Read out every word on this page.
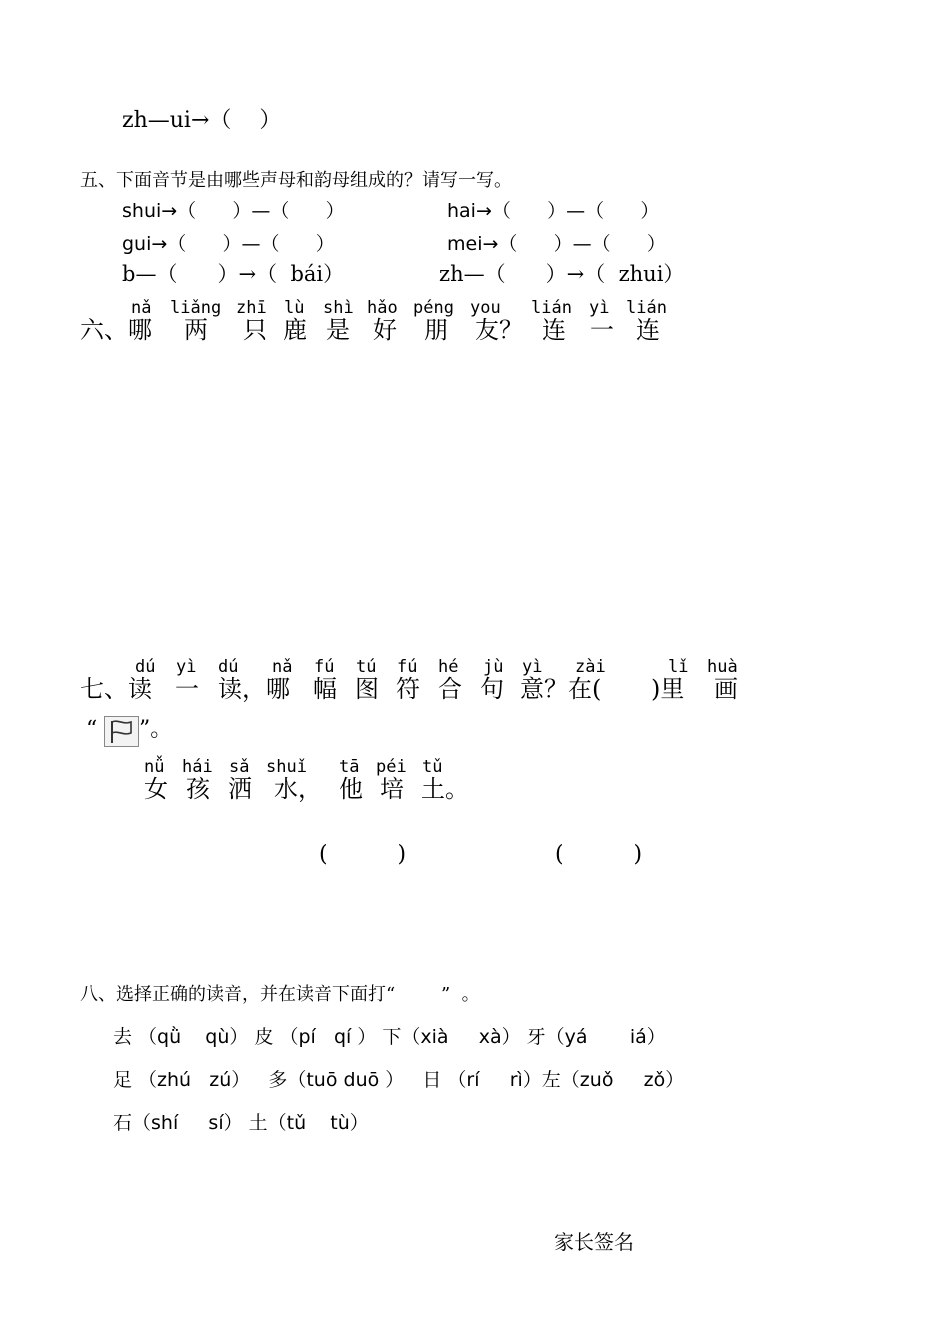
zh—ui→（    ）
五、下面音节是由哪些声母和韵母组成的？请写一写。
shui→（      ）—（      ）	hai→（      ）—（      ）
gui→（      ）—（      ）	mei→（      ）—（      ）
b—（      ）→（  bái）	zh—（      ）→（  zhui）
nǎ liǎng zhī lù shì hǎo péng you lián yì lián
六、哪 两 只 鹿 是 好 朋 友？ 连 一 连
dú yì dú nǎ fú tú fú hé jù yì zài	lǐ huà
七、读 一 读，哪 幅 图 符 合 句 意？在( )里 画
“ ”。
nǚ hái sǎ shuǐ tā péi tǔ
女 孩 洒 水， 他 培 土。
(          )	(          )
八、选择正确的读音，并在读音下面打“        ”  。
去 （qǜ    qù） 皮 （pí   qí ） 下（xià     xà） 牙（yá       iá）
足 （zhú   zú）   多（tuō duō ）   日 （rí     rì）左（zuǒ     zǒ）
石（shí     sí） 土（tǔ    tù）
家长签名
